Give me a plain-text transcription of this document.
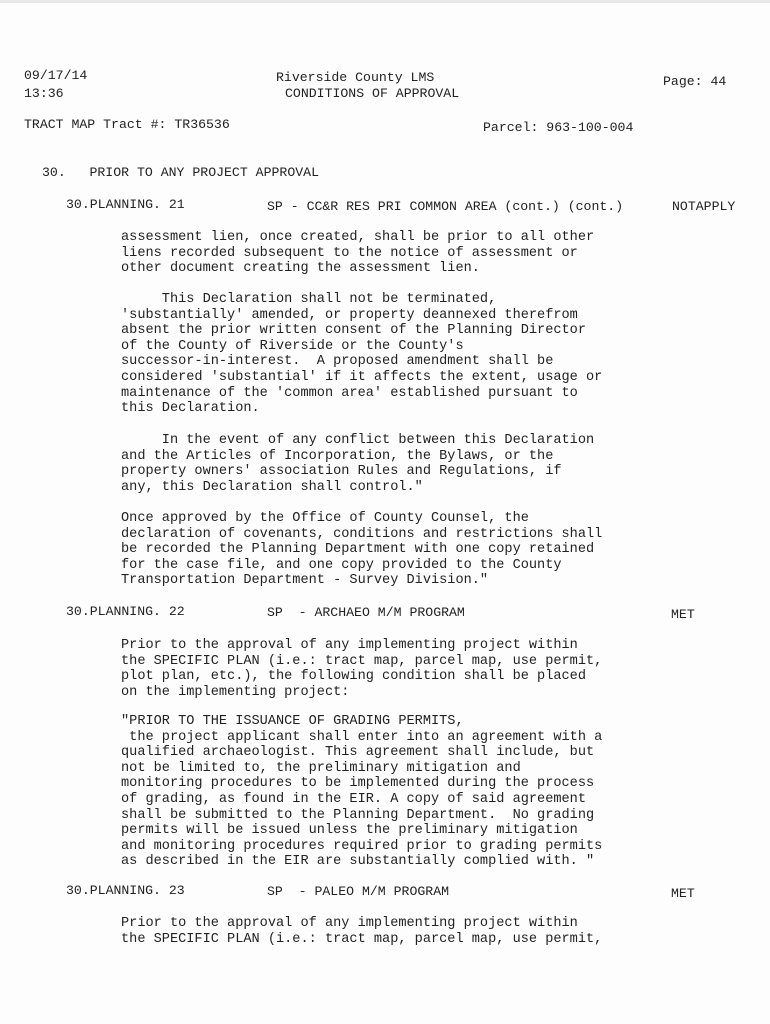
09/17/14
13:36
Riverside County LMS
CONDITIONS OF APPROVAL
Page: 44
TRACT MAP Tract #: TR36536	Parcel: 963-100-004
30.   PRIOR TO ANY PROJECT APPROVAL
30.PLANNING. 21	SP - CC&R RES PRI COMMON AREA (cont.) (cont.)	NOTAPPLY
assessment lien, once created, shall be prior to all other
liens recorded subsequent to the notice of assessment or
other document creating the assessment lien.
This Declaration shall not be terminated,
'substantially' amended, or property deannexed therefrom
absent the prior written consent of the Planning Director
of the County of Riverside or the County's
successor-in-interest.  A proposed amendment shall be
considered 'substantial' if it affects the extent, usage or
maintenance of the 'common area' established pursuant to
this Declaration.
In the event of any conflict between this Declaration
and the Articles of Incorporation, the Bylaws, or the
property owners' association Rules and Regulations, if
any, this Declaration shall control."
Once approved by the Office of County Counsel, the
declaration of covenants, conditions and restrictions shall
be recorded the Planning Department with one copy retained
for the case file, and one copy provided to the County
Transportation Department - Survey Division."
30.PLANNING. 22	SP  - ARCHAEO M/M PROGRAM	MET
Prior to the approval of any implementing project within
the SPECIFIC PLAN (i.e.: tract map, parcel map, use permit,
plot plan, etc.), the following condition shall be placed
on the implementing project:
"PRIOR TO THE ISSUANCE OF GRADING PERMITS,
the project applicant shall enter into an agreement with a
qualified archaeologist. This agreement shall include, but
not be limited to, the preliminary mitigation and
monitoring procedures to be implemented during the process
of grading, as found in the EIR. A copy of said agreement
shall be submitted to the Planning Department.  No grading
permits will be issued unless the preliminary mitigation
and monitoring procedures required prior to grading permits
as described in the EIR are substantially complied with. "
30.PLANNING. 23	SP  - PALEO M/M PROGRAM	MET
Prior to the approval of any implementing project within
the SPECIFIC PLAN (i.e.: tract map, parcel map, use permit,
